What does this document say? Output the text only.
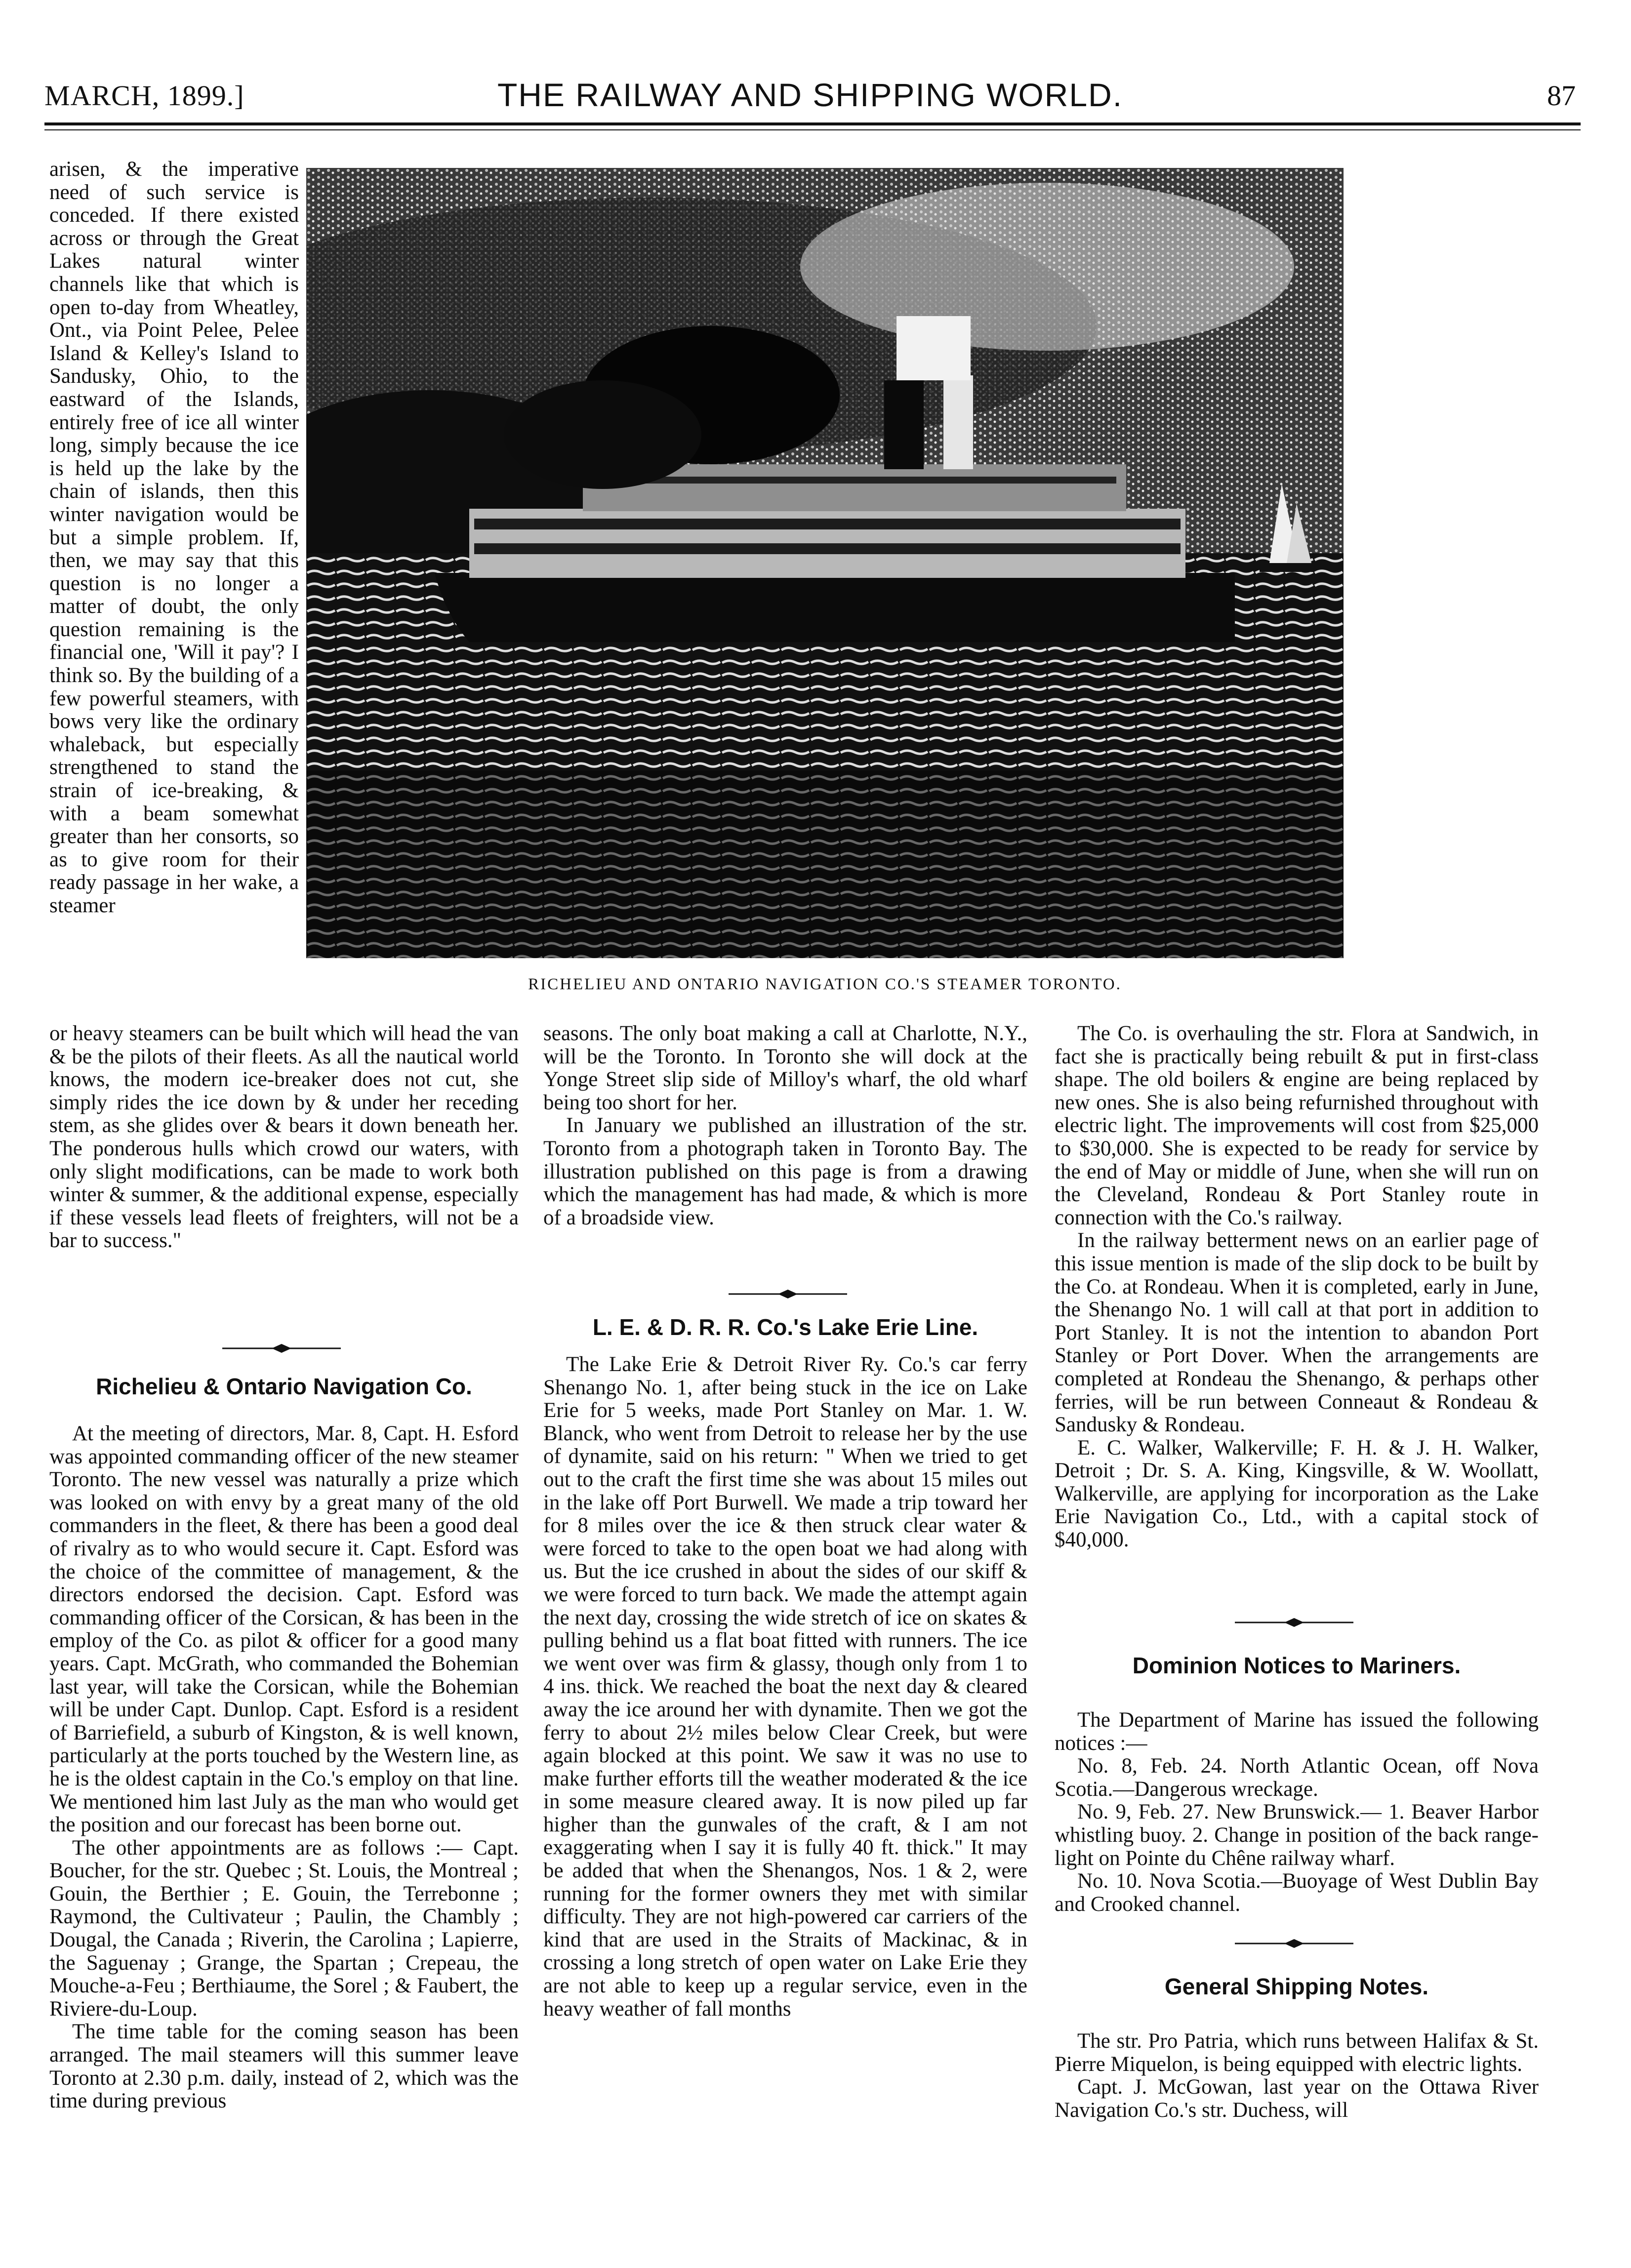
MARCH, 1899.]	THE RAILWAY AND SHIPPING WORLD.	87
RICHELIEU AND ONTARIO NAVIGATION CO.'S STEAMER TORONTO.

arisen, & the imperative need of such service is conceded. If there existed across or through the Great Lakes natural winter channels like that which is open to-day from Wheatley, Ont., via Point Pelee, Pelee Island & Kelley's Island to Sandusky, Ohio, to the eastward of the Islands, entirely free of ice all winter long, simply because the ice is held up the lake by the chain of islands, then this winter navigation would be but a simple problem. If, then, we may say that this question is no longer a matter of doubt, the only question remaining is the financial one, 'Will it pay'? I think so. By the building of a few powerful steamers, with bows very like the ordinary whaleback, but especially strengthened to stand the strain of ice-breaking, & with a beam somewhat greater than her consorts, so as to give room for their ready passage in her wake, a steamer

or heavy steamers can be built which will head the van & be the pilots of their fleets. As all the nautical world knows, the modern ice-breaker does not cut, she simply rides the ice down by & under her receding stem, as she glides over & bears it down beneath her. The ponderous hulls which crowd our waters, with only slight modifications, can be made to work both winter & summer, & the additional expense, especially if these vessels lead fleets of freighters, will not be a bar to success."

Richelieu & Ontario Navigation Co.

At the meeting of directors, Mar. 8, Capt. H. Esford was appointed commanding officer of the new steamer Toronto. The new vessel was naturally a prize which was looked on with envy by a great many of the old commanders in the fleet, & there has been a good deal of rivalry as to who would secure it. Capt. Esford was the choice of the committee of management, & the directors endorsed the decision. Capt. Esford was commanding officer of the Corsican, & has been in the employ of the Co. as pilot & officer for a good many years. Capt. McGrath, who commanded the Bohemian last year, will take the Corsican, while the Bohemian will be under Capt. Dunlop. Capt. Esford is a resident of Barriefield, a suburb of Kingston, & is well known, particularly at the ports touched by the Western line, as he is the oldest captain in the Co.'s employ on that line. We mentioned him last July as the man who would get the position and our forecast has been borne out.

The other appointments are as follows :— Capt. Boucher, for the str. Quebec ; St. Louis, the Montreal ; Gouin, the Berthier ; E. Gouin, the Terrebonne ; Raymond, the Cultivateur ; Paulin, the Chambly ; Dougal, the Canada ; Riverin, the Carolina ; Lapierre, the Saguenay ; Grange, the Spartan ; Crepeau, the Mouche-a-Feu ; Berthiaume, the Sorel ; & Faubert, the Riviere-du-Loup.

The time table for the coming season has been arranged. The mail steamers will this summer leave Toronto at 2.30 p.m. daily, instead of 2, which was the time during previous

seasons. The only boat making a call at Charlotte, N.Y., will be the Toronto. In Toronto she will dock at the Yonge Street slip side of Milloy's wharf, the old wharf being too short for her.

In January we published an illustration of the str. Toronto from a photograph taken in Toronto Bay. The illustration published on this page is from a drawing which the management has had made, & which is more of a broadside view.

L. E. & D. R. R. Co.'s Lake Erie Line.

The Lake Erie & Detroit River Ry. Co.'s car ferry Shenango No. 1, after being stuck in the ice on Lake Erie for 5 weeks, made Port Stanley on Mar. 1. W. Blanck, who went from Detroit to release her by the use of dynamite, said on his return: " When we tried to get out to the craft the first time she was about 15 miles out in the lake off Port Burwell. We made a trip toward her for 8 miles over the ice & then struck clear water & were forced to take to the open boat we had along with us. But the ice crushed in about the sides of our skiff & we were forced to turn back. We made the attempt again the next day, crossing the wide stretch of ice on skates & pulling behind us a flat boat fitted with runners. The ice we went over was firm & glassy, though only from 1 to 4 ins. thick. We reached the boat the next day & cleared away the ice around her with dynamite. Then we got the ferry to about 2½ miles below Clear Creek, but were again blocked at this point. We saw it was no use to make further efforts till the weather moderated & the ice in some measure cleared away. It is now piled up far higher than the gunwales of the craft, & I am not exaggerating when I say it is fully 40 ft. thick." It may be added that when the Shenangos, Nos. 1 & 2, were running for the former owners they met with similar difficulty. They are not high-powered car carriers of the kind that are used in the Straits of Mackinac, & in crossing a long stretch of open water on Lake Erie they are not able to keep up a regular service, even in the heavy weather of fall months

The Co. is overhauling the str. Flora at Sandwich, in fact she is practically being rebuilt & put in first-class shape. The old boilers & engine are being replaced by new ones. She is also being refurnished throughout with electric light. The improvements will cost from $25,000 to $30,000. She is expected to be ready for service by the end of May or middle of June, when she will run on the Cleveland, Rondeau & Port Stanley route in connection with the Co.'s railway.

In the railway betterment news on an earlier page of this issue mention is made of the slip dock to be built by the Co. at Rondeau. When it is completed, early in June, the Shenango No. 1 will call at that port in addition to Port Stanley. It is not the intention to abandon Port Stanley or Port Dover. When the arrangements are completed at Rondeau the Shenango, & perhaps other ferries, will be run between Conneaut & Rondeau & Sandusky & Rondeau.

E. C. Walker, Walkerville; F. H. & J. H. Walker, Detroit ; Dr. S. A. King, Kingsville, & W. Woollatt, Walkerville, are applying for incorporation as the Lake Erie Navigation Co., Ltd., with a capital stock of $40,000.

Dominion Notices to Mariners.

The Department of Marine has issued the following notices :—

No. 8, Feb. 24. North Atlantic Ocean, off Nova Scotia.—Dangerous wreckage.

No. 9, Feb. 27. New Brunswick.— 1. Beaver Harbor whistling buoy. 2. Change in position of the back range-light on Pointe du Chêne railway wharf.

No. 10. Nova Scotia.—Buoyage of West Dublin Bay and Crooked channel.

General Shipping Notes.

The str. Pro Patria, which runs between Halifax & St. Pierre Miquelon, is being equipped with electric lights.

Capt. J. McGowan, last year on the Ottawa River Navigation Co.'s str. Duchess, will
